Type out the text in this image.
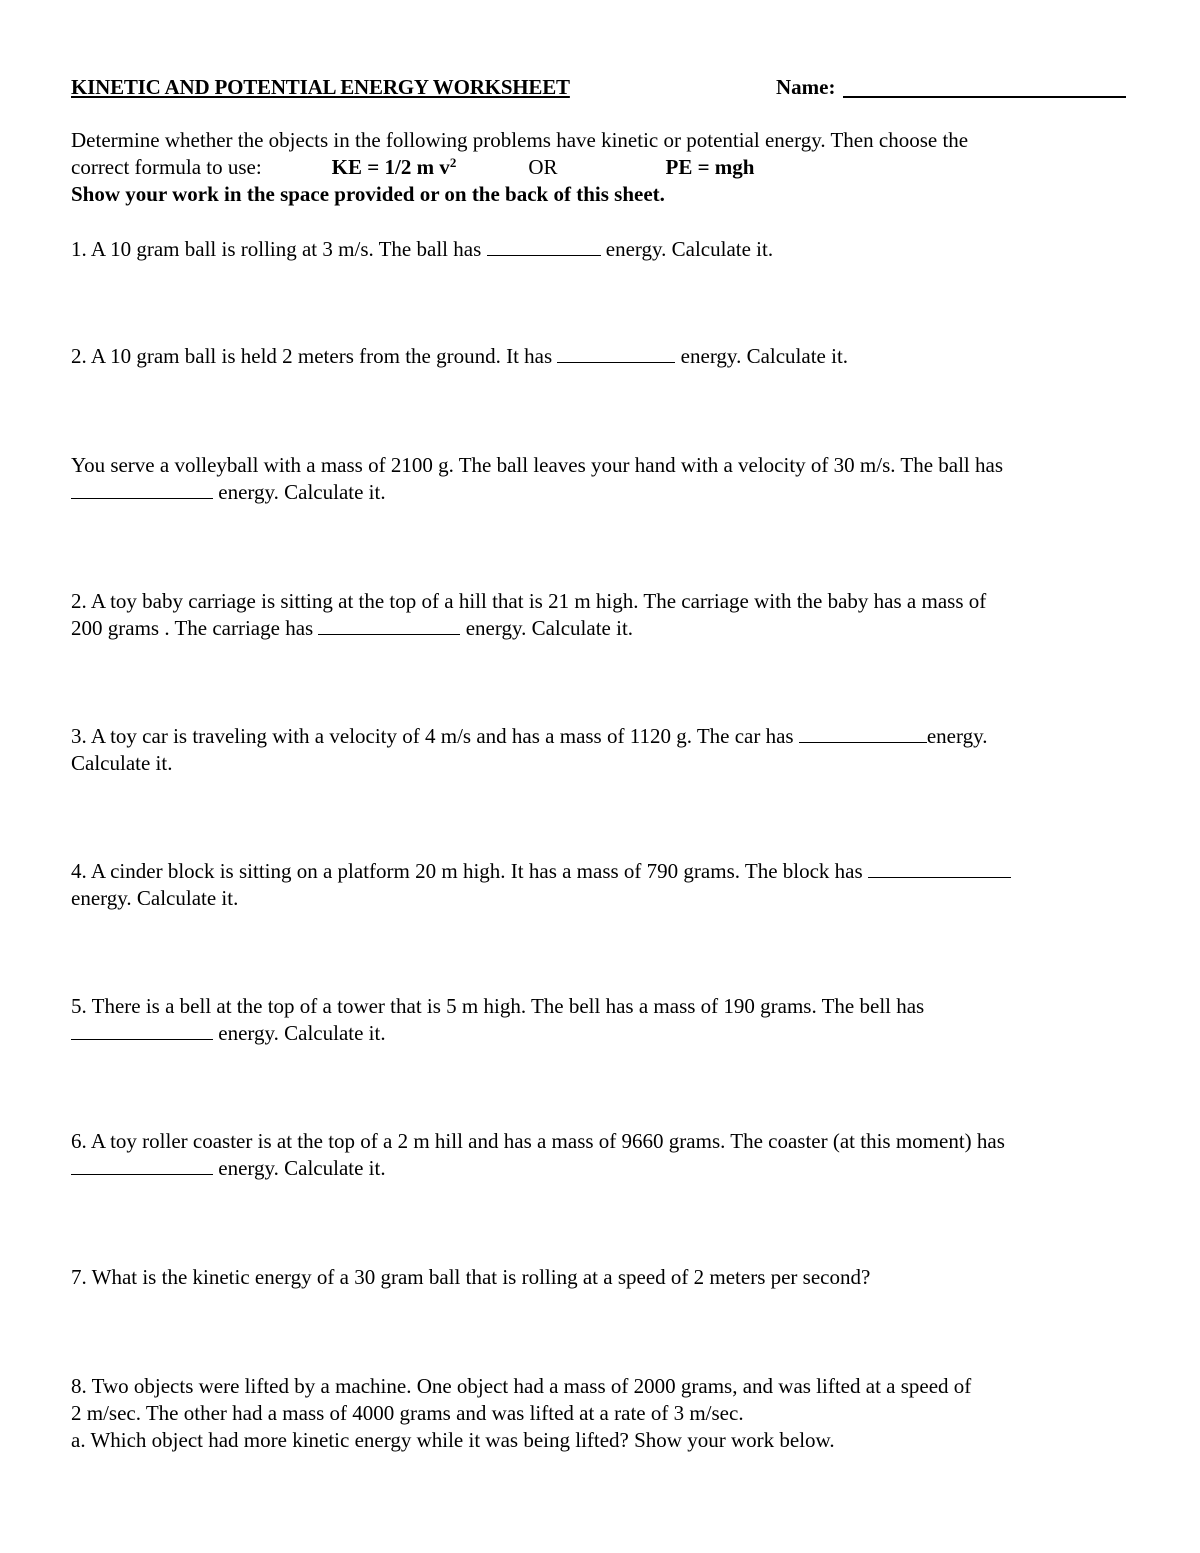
KINETIC AND POTENTIAL ENERGY WORKSHEET	Name:
Determine whether the objects in the following problems have kinetic or potential energy. Then choose the
correct formula to use:	KE = 1/2 m $v^2$	OR	PE = mgh
Show your work in the space provided or on the back of this sheet.
1. A 10 gram ball is rolling at 3 m/s. The ball has	energy. Calculate it.
2. A 10 gram ball is held 2 meters from the ground. It has	energy. Calculate it.
You serve a volleyball with a mass of 2100 g. The ball leaves your hand with a velocity of 30 m/s. The ball has
energy. Calculate it.
2. A toy baby carriage is sitting at the top of a hill that is 21 m high. The carriage with the baby has a mass of
200 grams . The carriage has	energy. Calculate it.
3. A toy car is traveling with a velocity of 4 m/s and has a mass of 1120 g. The car has	energy.
Calculate it.
4. A cinder block is sitting on a platform 20 m high. It has a mass of 790 grams. The block has
energy. Calculate it.
5. There is a bell at the top of a tower that is 5 m high. The bell has a mass of 190 grams. The bell has
energy. Calculate it.
6. A toy roller coaster is at the top of a 2 m hill and has a mass of 9660 grams. The coaster (at this moment) has
energy. Calculate it.
7. What is the kinetic energy of a 30 gram ball that is rolling at a speed of 2 meters per second?
8. Two objects were lifted by a machine. One object had a mass of 2000 grams, and was lifted at a speed of
2 m/sec. The other had a mass of 4000 grams and was lifted at a rate of 3 m/sec.
a. Which object had more kinetic energy while it was being lifted? Show your work below.
